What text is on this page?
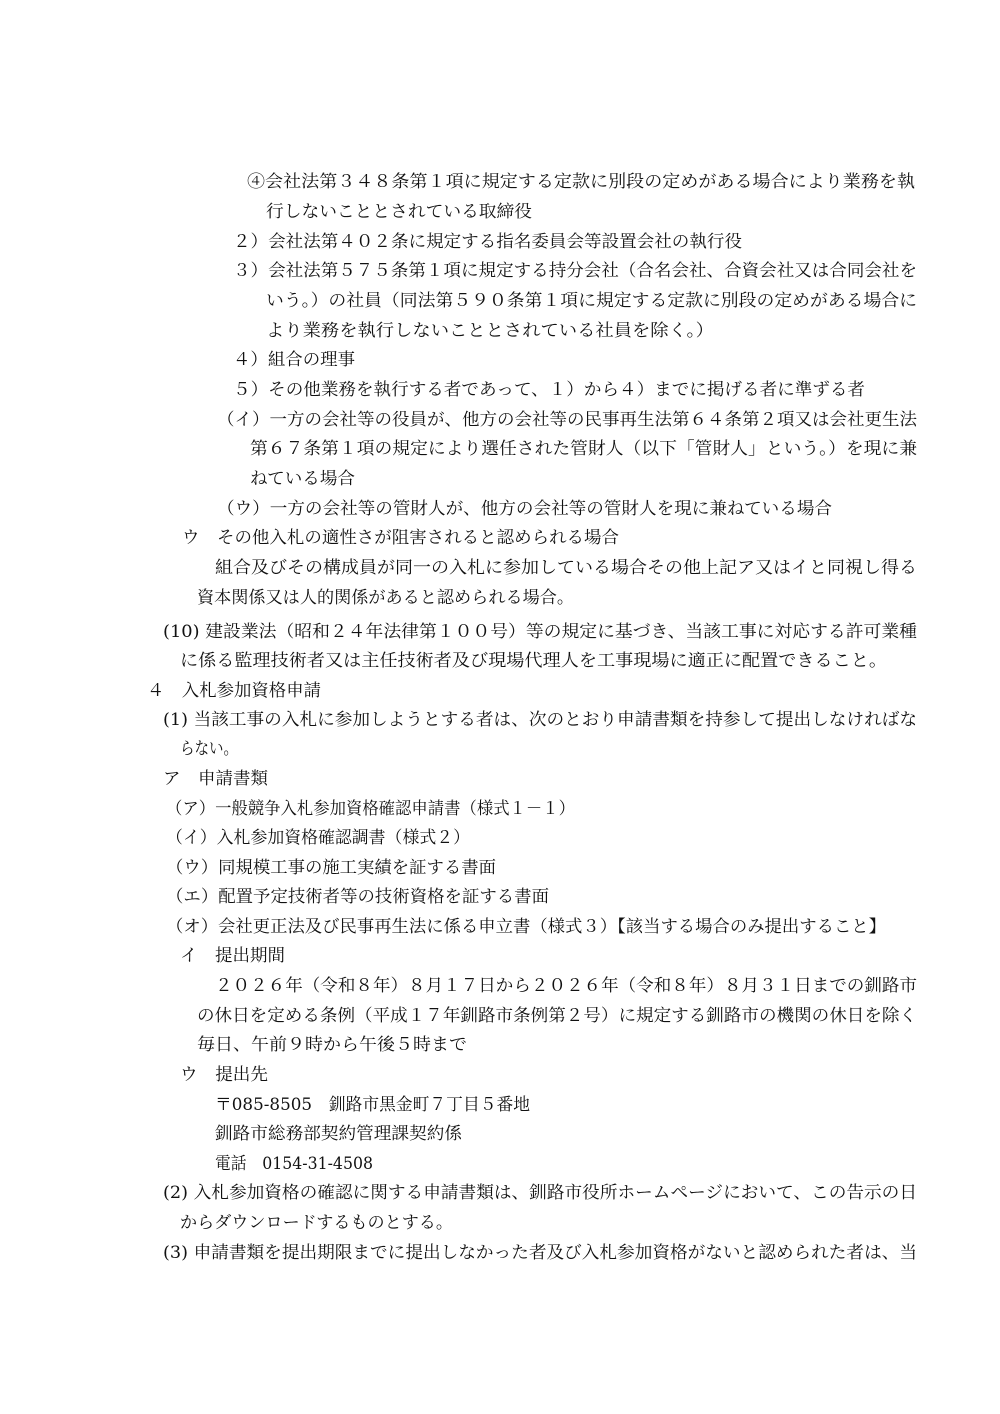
④会社法第３４８条第１項に規定する定款に別段の定めがある場合により業務を執
行しないこととされている取締役
２）会社法第４０２条に規定する指名委員会等設置会社の執行役
３）会社法第５７５条第１項に規定する持分会社（合名会社、合資会社又は合同会社を
いう。）の社員（同法第５９０条第１項に規定する定款に別段の定めがある場合に
より業務を執行しないこととされている社員を除く。）
４）組合の理事
５）その他業務を執行する者であって、１）から４）までに掲げる者に準ずる者
（イ）一方の会社等の役員が、他方の会社等の民事再生法第６４条第２項又は会社更生法
第６７条第１項の規定により選任された管財人（以下「管財人」という。）を現に兼
ねている場合
（ウ）一方の会社等の管財人が、他方の会社等の管財人を現に兼ねている場合
ウ　その他入札の適性さが阻害されると認められる場合
組合及びその構成員が同一の入札に参加している場合その他上記ア又はイと同視し得る
資本関係又は人的関係があると認められる場合。
(10) 建設業法（昭和２４年法律第１００号）等の規定に基づき、当該工事に対応する許可業種
に係る監理技術者又は主任技術者及び現場代理人を工事現場に適正に配置できること。
４　入札参加資格申請
(1) 当該工事の入札に参加しようとする者は、次のとおり申請書類を持参して提出しなければな
らない。
ア　申請書類
（ア）一般競争入札参加資格確認申請書（様式１－１）
（イ）入札参加資格確認調書（様式２）
（ウ）同規模工事の施工実績を証する書面
（エ）配置予定技術者等の技術資格を証する書面
（オ）会社更正法及び民事再生法に係る申立書（様式３）【該当する場合のみ提出すること】
イ　提出期間
２０２６年（令和８年）８月１７日から２０２６年（令和８年）８月３１日までの釧路市
の休日を定める条例（平成１７年釧路市条例第２号）に規定する釧路市の機関の休日を除く
毎日、午前９時から午後５時まで
ウ　提出先
〒085-8505　釧路市黒金町７丁目５番地
釧路市総務部契約管理課契約係
電話　0154-31-4508
(2) 入札参加資格の確認に関する申請書類は、釧路市役所ホームページにおいて、この告示の日
からダウンロードするものとする。
(3) 申請書類を提出期限までに提出しなかった者及び入札参加資格がないと認められた者は、当
